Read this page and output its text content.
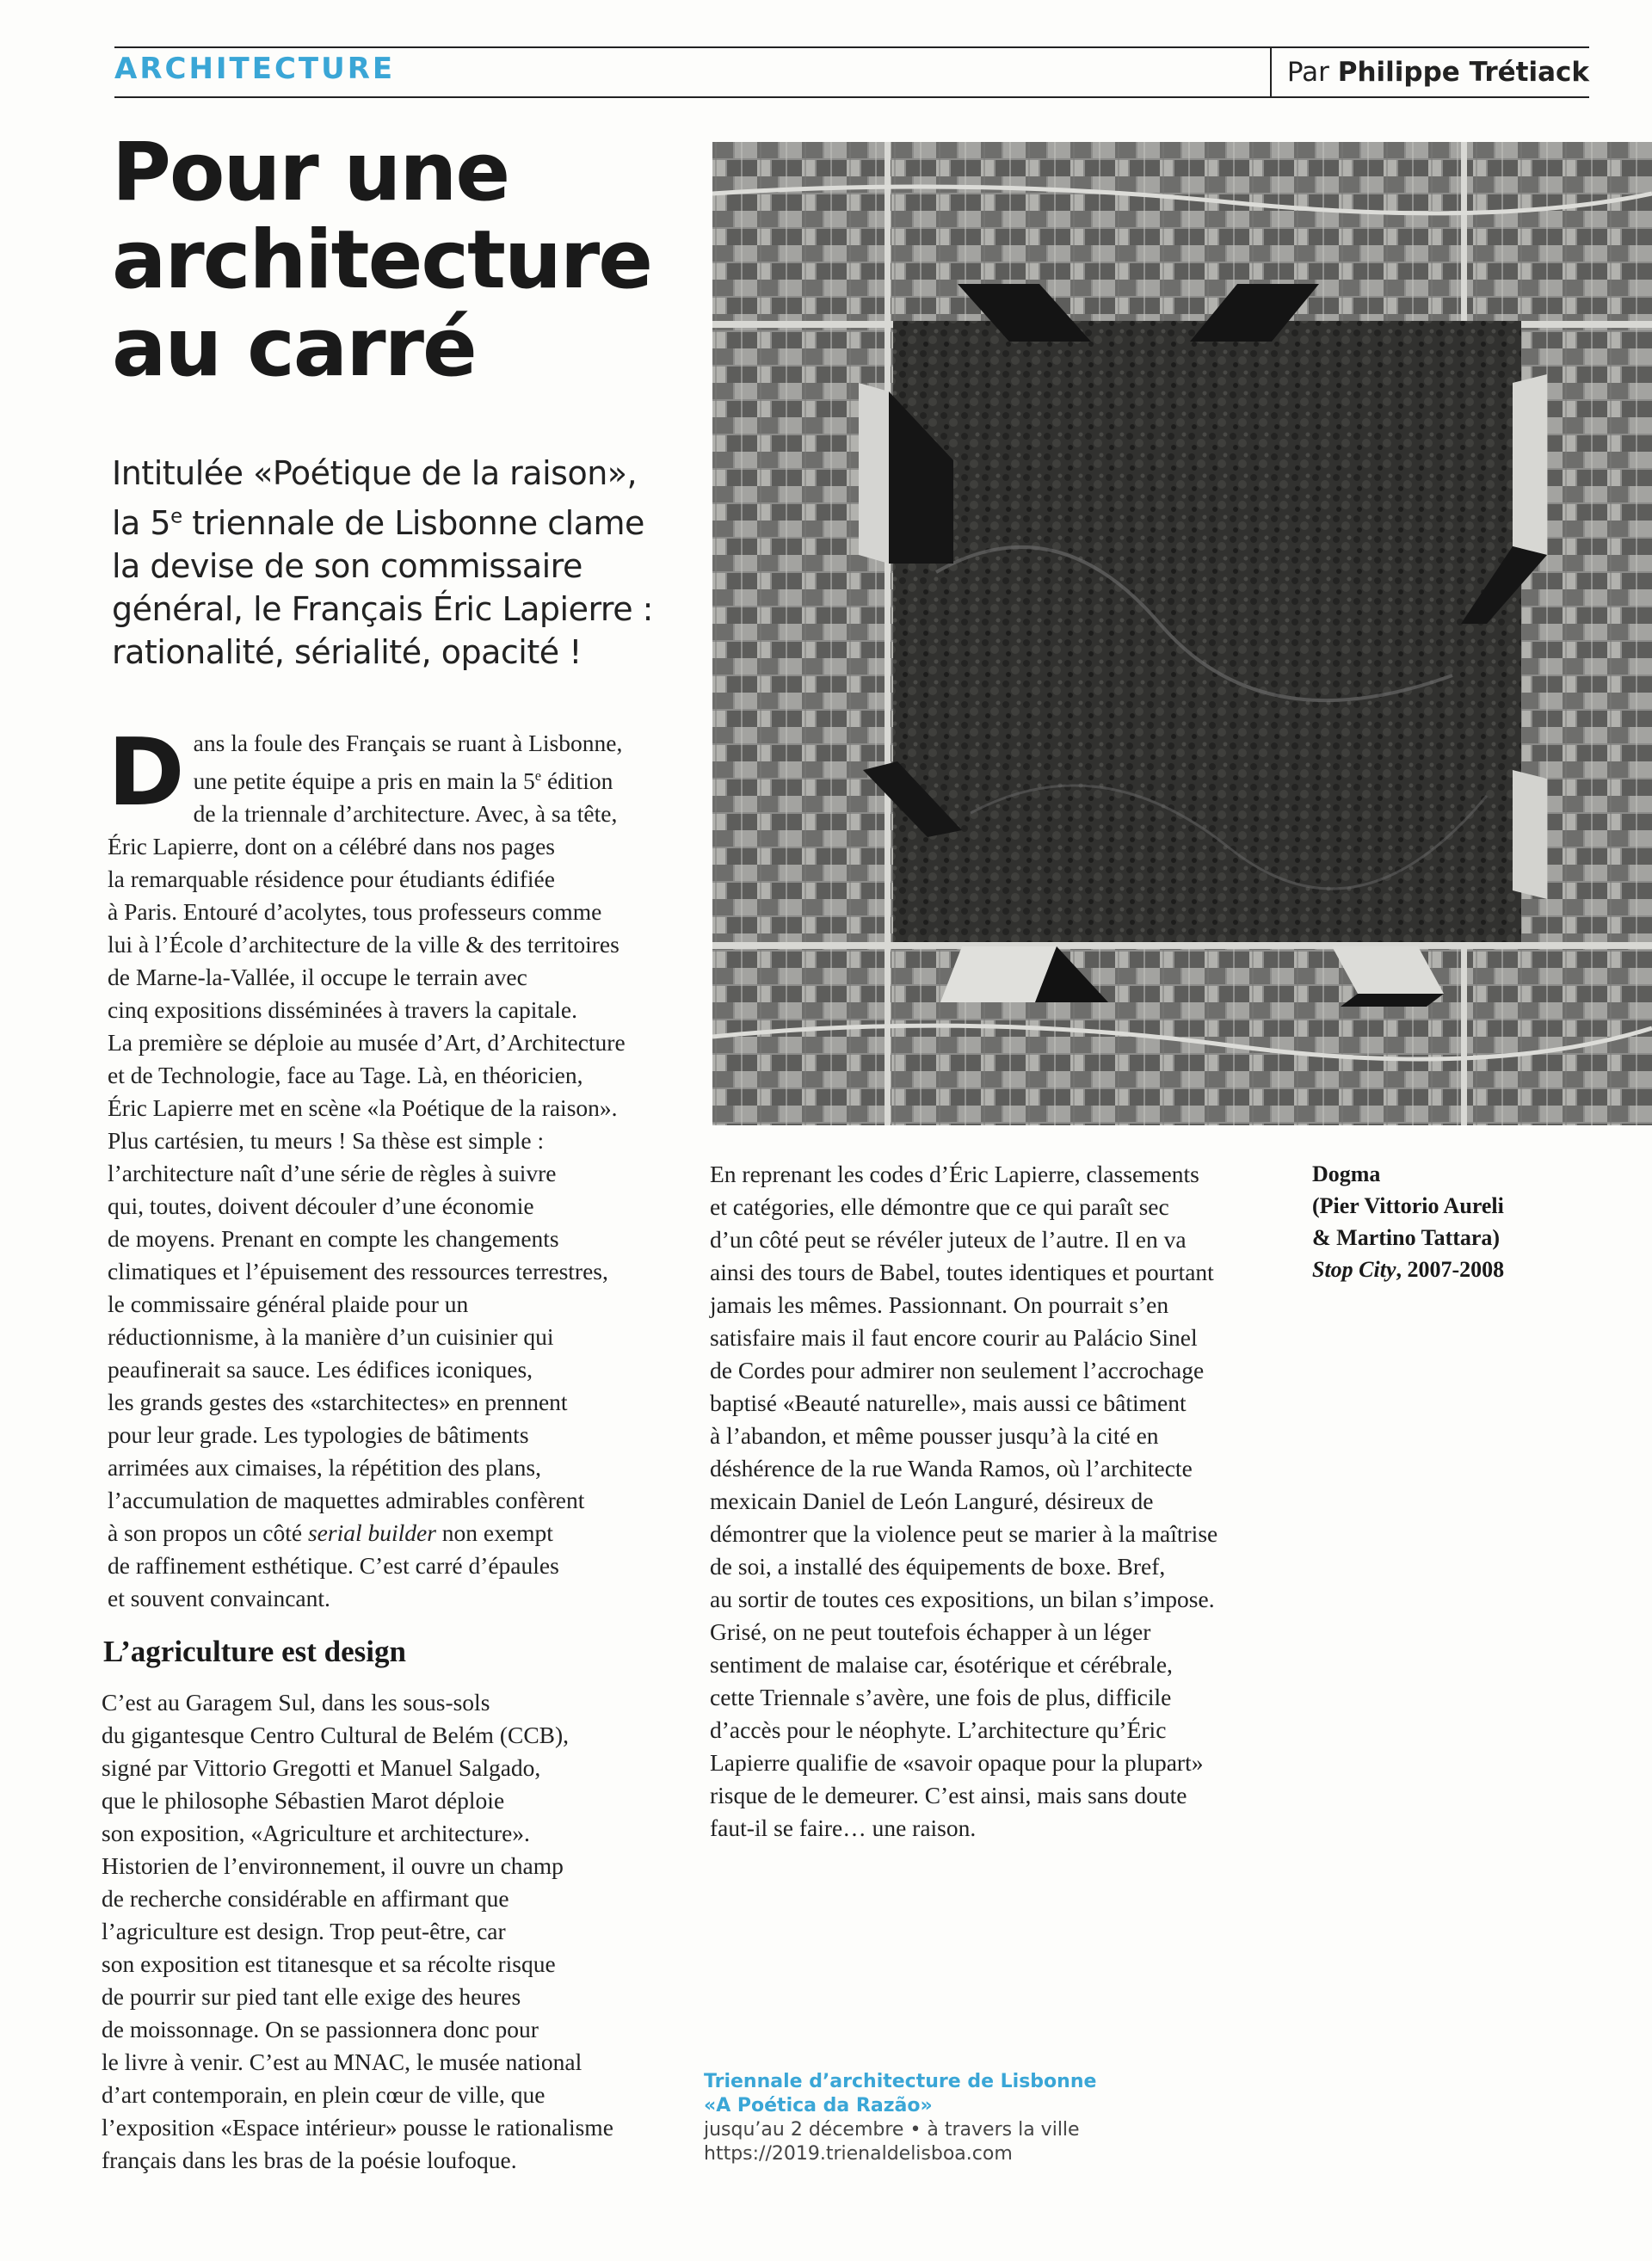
ARCHITECTURE	Par Philippe Trétiack
Pour une
architecture
au carré

Intitulée «Poétique de la raison»,
la 5e triennale de Lisbonne clame
la devise de son commissaire
général, le Français Éric Lapierre :
rationalité, sérialité, opacité !

D ans la foule des Français se ruant à Lisbonne,
une petite équipe a pris en main la 5e édition
de la triennale d’architecture. Avec, à sa tête,
Éric Lapierre, dont on a célébré dans nos pages
la remarquable résidence pour étudiants édifiée
à Paris. Entouré d’acolytes, tous professeurs comme
lui à l’École d’architecture de la ville & des territoires
de Marne-la-Vallée, il occupe le terrain avec
cinq expositions disséminées à travers la capitale.
La première se déploie au musée d’Art, d’Architecture
et de Technologie, face au Tage. Là, en théoricien,
Éric Lapierre met en scène «la Poétique de la raison».
Plus cartésien, tu meurs ! Sa thèse est simple :
l’architecture naît d’une série de règles à suivre
qui, toutes, doivent découler d’une économie
de moyens. Prenant en compte les changements
climatiques et l’épuisement des ressources terrestres,
le commissaire général plaide pour un
réductionnisme, à la manière d’un cuisinier qui
peaufinerait sa sauce. Les édifices iconiques,
les grands gestes des «starchitectes» en prennent
pour leur grade. Les typologies de bâtiments
arrimées aux cimaises, la répétition des plans,
l’accumulation de maquettes admirables confèrent
à son propos un côté serial builder non exempt
de raffinement esthétique. C’est carré d’épaules
et souvent convaincant.
L’agriculture est design
C’est au Garagem Sul, dans les sous-sols
du gigantesque Centro Cultural de Belém (CCB),
signé par Vittorio Gregotti et Manuel Salgado,
que le philosophe Sébastien Marot déploie
son exposition, «Agriculture et architecture».
Historien de l’environnement, il ouvre un champ
de recherche considérable en affirmant que
l’agriculture est design. Trop peut-être, car
son exposition est titanesque et sa récolte risque
de pourrir sur pied tant elle exige des heures
de moissonnage. On se passionnera donc pour
le livre à venir. C’est au MNAC, le musée national
d’art contemporain, en plein cœur de ville, que
l’exposition «Espace intérieur» pousse le rationalisme
français dans les bras de la poésie loufoque.
En reprenant les codes d’Éric Lapierre, classements
et catégories, elle démontre que ce qui paraît sec
d’un côté peut se révéler juteux de l’autre. Il en va
ainsi des tours de Babel, toutes identiques et pourtant
jamais les mêmes. Passionnant. On pourrait s’en
satisfaire mais il faut encore courir au Palácio Sinel
de Cordes pour admirer non seulement l’accrochage
baptisé «Beauté naturelle», mais aussi ce bâtiment
à l’abandon, et même pousser jusqu’à la cité en
déshérence de la rue Wanda Ramos, où l’architecte
mexicain Daniel de León Languré, désireux de
démontrer que la violence peut se marier à la maîtrise
de soi, a installé des équipements de boxe. Bref,
au sortir de toutes ces expositions, un bilan s’impose.
Grisé, on ne peut toutefois échapper à un léger
sentiment de malaise car, ésotérique et cérébrale,
cette Triennale s’avère, une fois de plus, difficile
d’accès pour le néophyte. L’architecture qu’Éric
Lapierre qualifie de «savoir opaque pour la plupart»
risque de le demeurer. C’est ainsi, mais sans doute
faut-il se faire… une raison.
Dogma
(Pier Vittorio Aureli
& Martino Tattara)
Stop City, 2007-2008
Triennale d’architecture de Lisbonne
«A Poética da Razão»
jusqu’au 2 décembre • à travers la ville
https://2019.trienaldelisboa.com
